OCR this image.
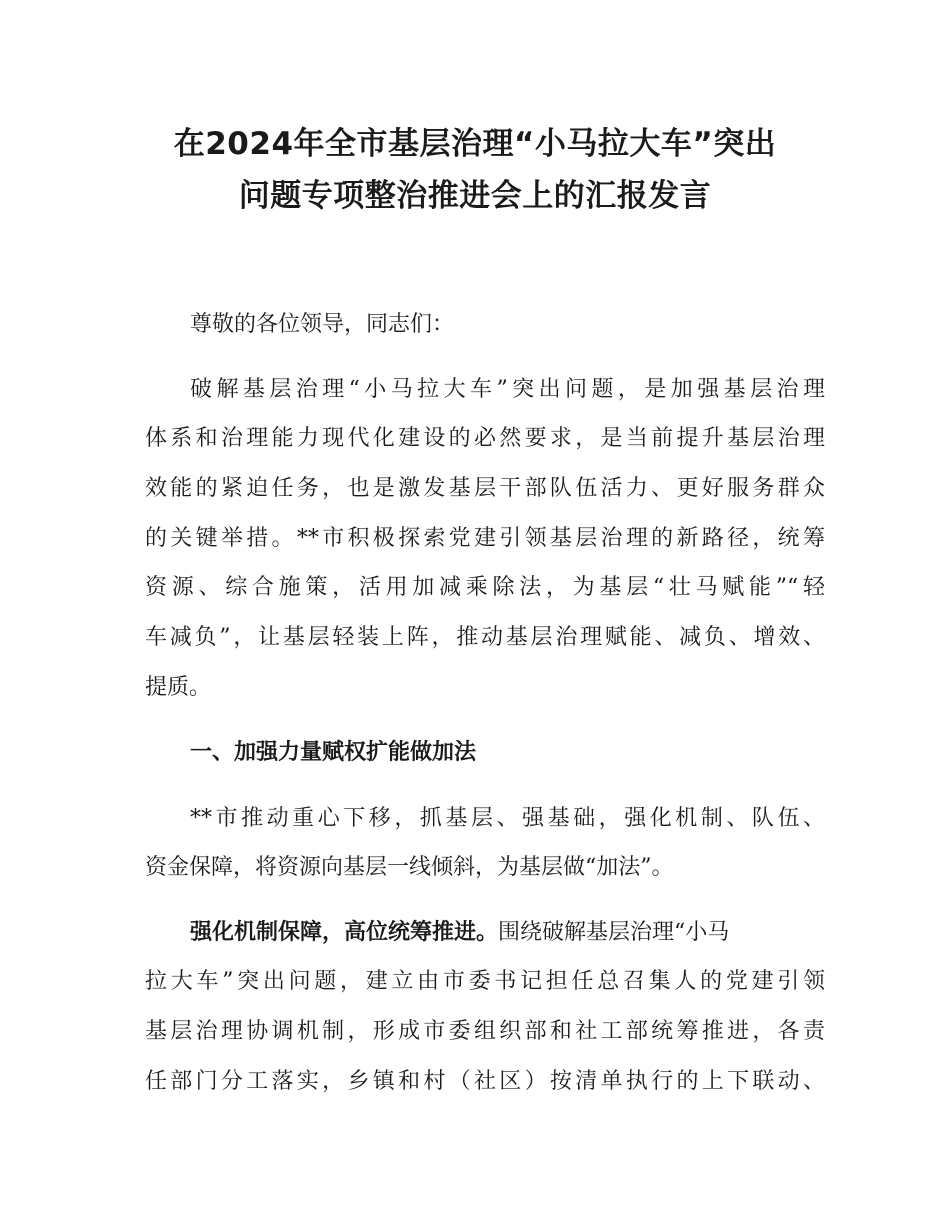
在2024年全市基层治理“小马拉大车”突出
问题专项整治推进会上的汇报发言
尊敬的各位领导，同志们：
破解基层治理“小马拉大车”突出问题，是加强基层治理
体系和治理能力现代化建设的必然要求，是当前提升基层治理
效能的紧迫任务，也是激发基层干部队伍活力、更好服务群众
的关键举措。**市积极探索党建引领基层治理的新路径，统筹
资源、综合施策，活用加减乘除法，为基层“壮马赋能”“轻
车减负”，让基层轻装上阵，推动基层治理赋能、减负、增效、
提质。
一、加强力量赋权扩能做加法
**市推动重心下移，抓基层、强基础，强化机制、队伍、
资金保障，将资源向基层一线倾斜，为基层做“加法”。
强化机制保障，高位统筹推进。围绕破解基层治理“小马
拉大车”突出问题，建立由市委书记担任总召集人的党建引领
基层治理协调机制，形成市委组织部和社工部统筹推进，各责
任部门分工落实，乡镇和村（社区）按清单执行的上下联动、
